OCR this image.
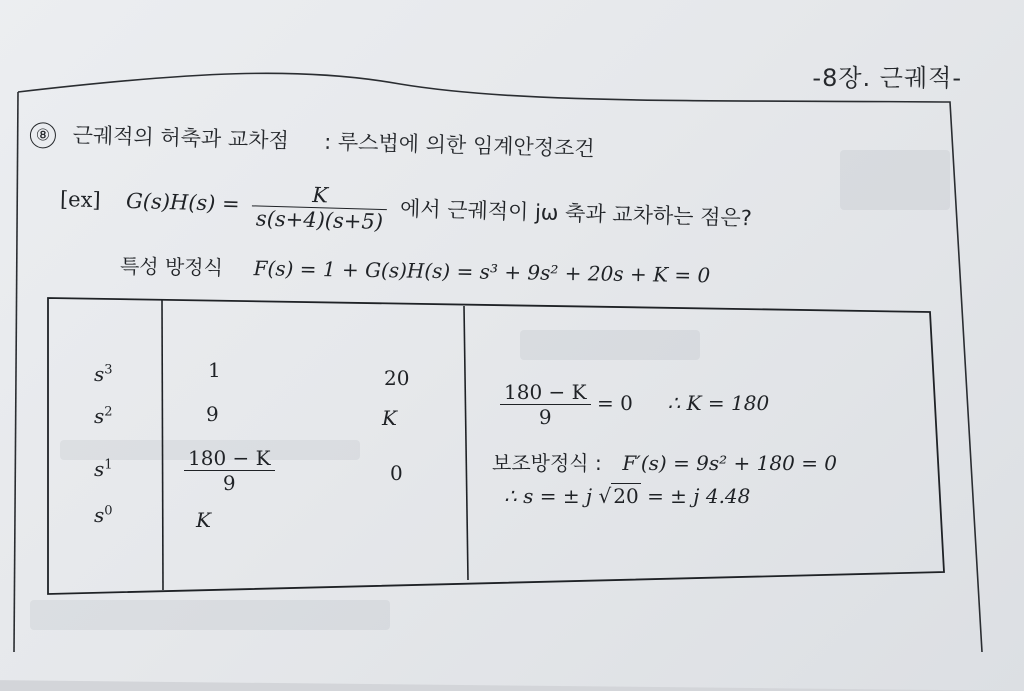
-8장. 근궤적-
⑧ 근궤적의 허축과 교차점 : 루스법에 의한 임계안정조건
[ex] $G(s)H(s) = \frac{K}{s(s+4)(s+5)}$ 에서 근궤적이 jω 축과 교차하는 점은?
특성 방정식 F(s) = 1 + G(s)H(s) = s³ + 9s² + 20s + K = 0
$s^3$
$s^2$
$s^1$
$s^0$
1
9
$\frac{180 - K}{9}$
K
20
K
0
$\frac{180 - K}{9} = 0$ ∴ K = 180
보조방정식 : F′(s) = 9s² + 180 = 0
∴ s = ± j √ 20 = ± j 4.48
